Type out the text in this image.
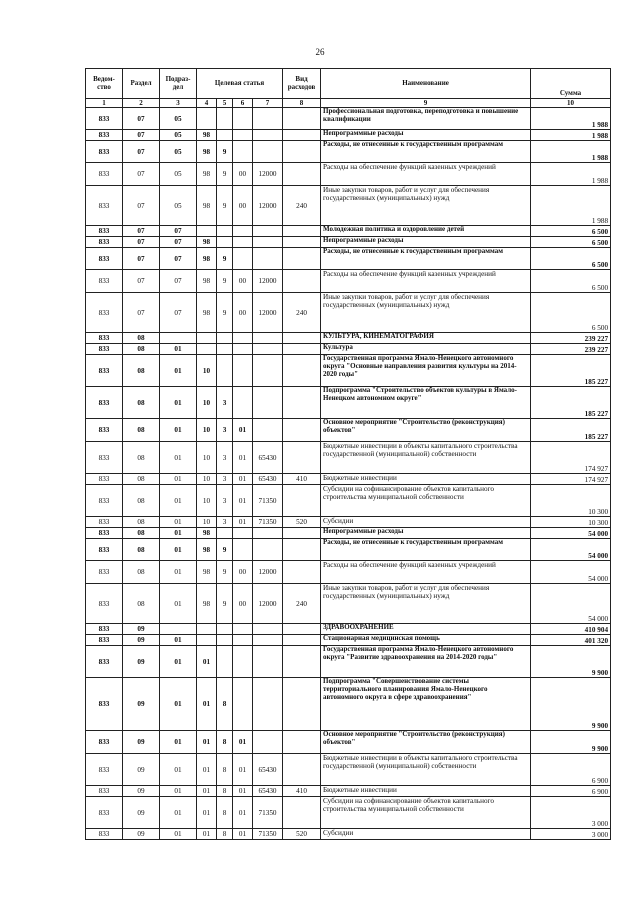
26
Ведом-ство	Раздел	Подраз-дел	Целевая статья				Вид расходов	Наименование	Сумма
1	2	3	4	5	6	7	8	9	10
833	07	05						Профессиональная подготовка, переподготовка и повышение квалификации	1 988
833	07	05	98					Непрограммные расходы	1 988
833	07	05	98	9				Расходы, не отнесенные к государственным программам	1 988
833	07	05	98	9	00	12000		Расходы на обеспечение функций казенных учреждений	1 988
833	07	05	98	9	00	12000	240	Иные закупки товаров, работ и услуг для обеспечения государственных (муниципальных) нужд	1 988
833	07	07						Молодежная политика и оздоровление детей	6 500
833	07	07	98					Непрограммные расходы	6 500
833	07	07	98	9				Расходы, не отнесенные к государственным программам	6 500
833	07	07	98	9	00	12000		Расходы на обеспечение функций казенных учреждений	6 500
833	07	07	98	9	00	12000	240	Иные закупки товаров, работ и услуг для обеспечения государственных (муниципальных) нужд	6 500
833	08							КУЛЬТУРА, КИНЕМАТОГРАФИЯ	239 227
833	08	01						Культура	239 227
833	08	01	10					Государственная программа Ямало-Ненецкого автономного округа "Основные направления развития культуры на 2014-2020 годы"	185 227
833	08	01	10	3				Подпрограмма "Строительство объектов культуры в Ямало-Ненецком автономном округе"	185 227
833	08	01	10	3	01			Основное мероприятие "Строительство (реконструкция) объектов"	185 227
833	08	01	10	3	01	65430		Бюджетные инвестиции в объекты капитального строительства государственной (муниципальной) собственности	174 927
833	08	01	10	3	01	65430	410	Бюджетные инвестиции	174 927
833	08	01	10	3	01	71350		Субсидии на софинансирование объектов капитального строительства муниципальной собственности	10 300
833	08	01	10	3	01	71350	520	Субсидии	10 300
833	08	01	98					Непрограммные расходы	54 000
833	08	01	98	9				Расходы, не отнесенные к государственным программам	54 000
833	08	01	98	9	00	12000		Расходы на обеспечение функций казенных учреждений	54 000
833	08	01	98	9	00	12000	240	Иные закупки товаров, работ и услуг для обеспечения государственных (муниципальных) нужд	54 000
833	09							ЗДРАВООХРАНЕНИЕ	410 904
833	09	01						Стационарная медицинская помощь	401 320
833	09	01	01					Государственная программа Ямало-Ненецкого автономного округа "Развитие здравоохранения на 2014-2020 годы"	9 900
833	09	01	01	8				Подпрограмма "Совершенствование системы территориального планирования Ямало-Ненецкого автономного округа в сфере здравоохранения"	9 900
833	09	01	01	8	01			Основное мероприятие "Строительство (реконструкция) объектов"	9 900
833	09	01	01	8	01	65430		Бюджетные инвестиции в объекты капитального строительства государственной (муниципальной) собственности	6 900
833	09	01	01	8	01	65430	410	Бюджетные инвестиции	6 900
833	09	01	01	8	01	71350		Субсидии на софинансирование объектов капитального строительства муниципальной собственности	3 000
833	09	01	01	8	01	71350	520	Субсидии	3 000
